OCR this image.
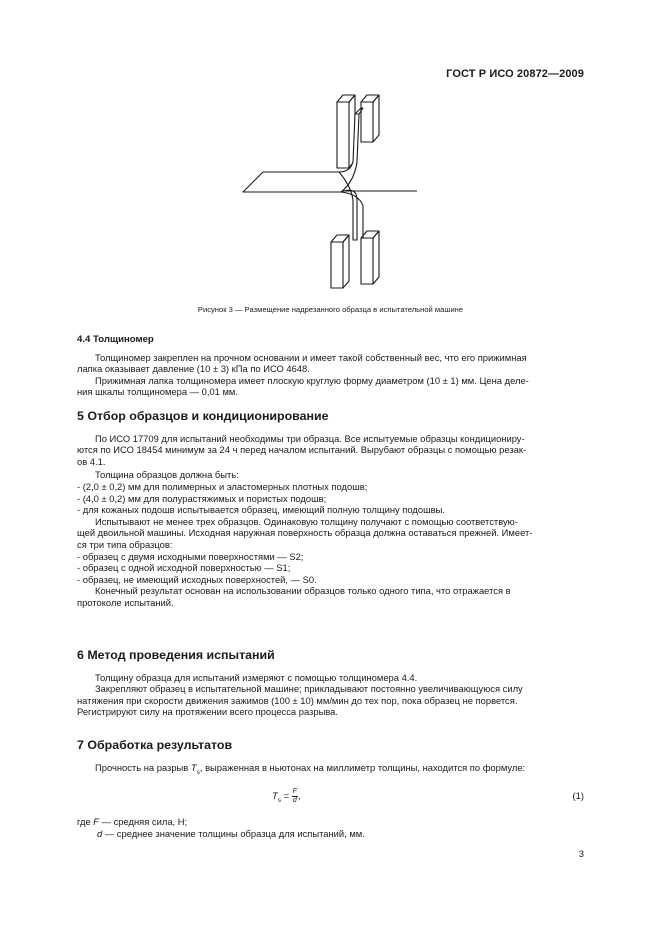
ГОСТ Р ИСО 20872—2009
Рисунок 3 — Размещение надрезанного образца в испытательной машине

4.4 Толщиномер

Толщиномер закреплен на прочном основании и имеет такой собственный вес, что его прижимная

лапка оказывает давление (10 ± 3) кПа по ИСО 4648.

Прижимная лапка толщиномера имеет плоскую круглую форму диаметром (10 ± 1) мм. Цена деле-

ния шкалы толщиномера — 0,01 мм.

5 Отбор образцов и кондиционирование

По ИСО 17709 для испытаний необходимы три образца. Все испытуемые образцы кондициониру-

ются по ИСО 18454 минимум за 24 ч перед началом испытаний. Вырубают образцы с помощью резак-

ов 4.1.

Толщина образцов должна быть:

- (2,0 ± 0,2) мм для полимерных и эластомерных плотных подошв;

- (4,0 ± 0,2) мм для полурастяжимых и пористых подошв;

- для кожаных подошв испытывается образец, имеющий полную толщину подошвы.

Испытывают не менее трех образцов. Одинаковую толщину получают с помощью соответствую-

щей двоильной машины. Исходная наружная поверхность образца должна оставаться прежней. Имеет-

ся три типа образцов:

- образец с двумя исходными поверхностями — S2;

- образец с одной исходной поверхностью — S1;

- образец, не имеющий исходных поверхностей, — S0.

Конечный результат основан на использовании образцов только одного типа, что отражается в

протоколе испытаний.

6 Метод проведения испытаний

Толщину образца для испытаний измеряют с помощью толщиномера 4.4.

Закрепляют образец в испытательной машине; прикладывают постоянно увеличивающуюся силу

натяжения при скорости движения зажимов (100 ± 10) мм/мин до тех пор, пока образец не порвется.

Регистрируют силу на протяжении всего процесса разрыва.

7 Обработка результатов

Прочность на разрыв $T_s$, выраженная в ньютонах на миллиметр толщины, находится по формуле:

$T_s = \frac{F}{d}$ ,	(1)
где F — средняя сила, Н;
d — среднее значение толщины образца для испытаний, мм.
3
